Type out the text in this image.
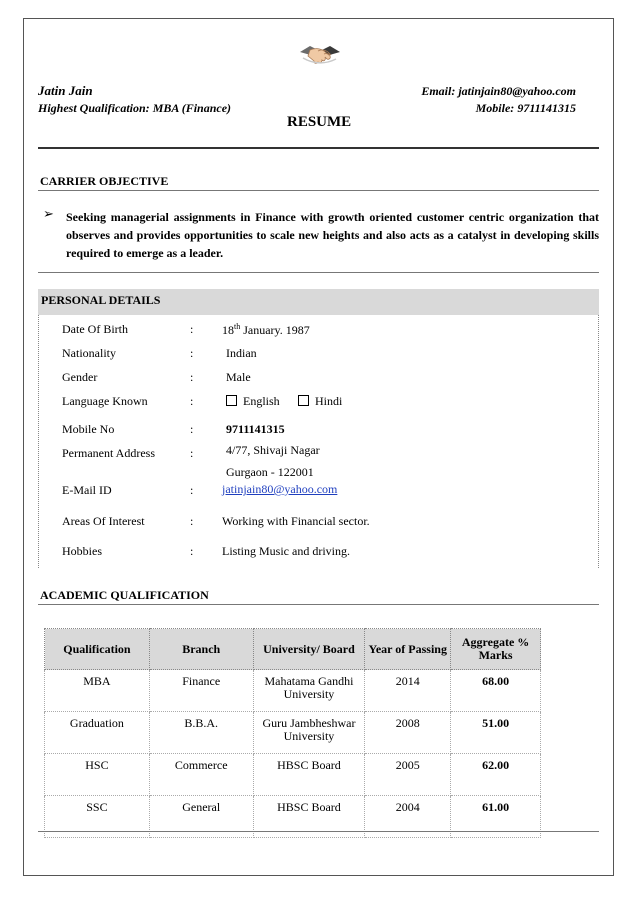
Jatin Jain
Highest Qualification: MBA (Finance)
Email: jatinjain80@yahoo.com
Mobile: 9711141315
RESUME
CARRIER OBJECTIVE
➢ Seeking managerial assignments in Finance with growth oriented customer centric organization that observes and provides opportunities to scale new heights and also acts as a catalyst in developing skills required to emerge as a leader.
PERSONAL DETAILS
Date Of Birth	: 18th January. 1987
Nationality	:	Indian
Gender	:	Male
Language Known	:	English	Hindi
Mobile No	:	9711141315
Permanent Address	:	4/77, Shivaji Nagar
Gurgaon - 122001
E-Mail ID	: jatinjain80@yahoo.com
Areas Of Interest	: Working with Financial sector.
Hobbies	: Listing Music and driving.
ACADEMIC QUALIFICATION
Qualification	Branch	University/ Board	Year of Passing	Aggregate % Marks
MBA	Finance	Mahatama Gandhi University	2014	68.00
Graduation	B.B.A.	Guru Jambheshwar University	2008	51.00
HSC	Commerce	HBSC Board	2005	62.00
SSC	General	HBSC Board	2004	61.00
